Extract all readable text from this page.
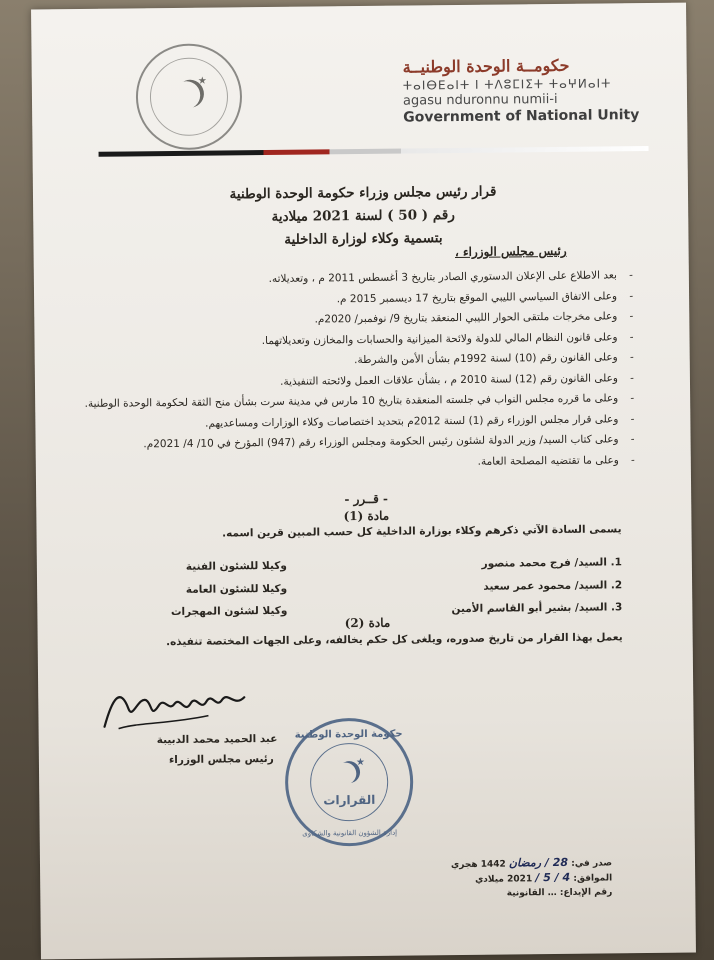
★
حكومــة الوحدة الوطنيــة
ⵜⴰⵏⴱⴹⴰⵏⵜ ⵏ ⵜⴷⵓⵎⵏⵉⵜ ⵜⴰⵖⵍⴰⵏⵜ
agasu nduronnu numii-i
Government of National Unity
قرار رئيس مجلس وزراء حكومة الوحدة الوطنية
رقم ( 50 ) لسنة 2021 ميلادية
بتسمية وكلاء لوزارة الداخلية
رئيس مجلس الوزراء ،
-
بعد الاطلاع على الإعلان الدستوري الصادر بتاريخ 3 أغسطس 2011 م ، وتعديلاته.
-
وعلى الاتفاق السياسي الليبي الموقع بتاريخ 17 ديسمبر 2015 م.
-
وعلى مخرجات ملتقى الحوار الليبي المنعقد بتاريخ 9/ نوفمبر/ 2020م.
-
وعلى قانون النظام المالي للدولة ولائحة الميزانية والحسابات والمخازن وتعديلاتهما.
-
وعلى القانون رقم (10) لسنة 1992م بشأن الأمن والشرطة.
-
وعلى القانون رقم (12) لسنة 2010 م ، بشأن علاقات العمل ولائحته التنفيذية.
-
وعلى ما قرره مجلس النواب في جلسته المنعقدة بتاريخ 10 مارس في مدينة سرت بشأن منح الثقة لحكومة الوحدة الوطنية.
-
وعلى قرار مجلس الوزراء رقم (1) لسنة 2012م بتحديد اختصاصات وكلاء الوزارات ومساعديهم.
-
وعلى كتاب السيد/ وزير الدولة لشئون رئيس الحكومة ومجلس الوزراء رقم (947) المؤرخ في 10/ 4/ 2021م.
-
وعلى ما تقتضيه المصلحة العامة.
- قــرر -
مادة (1)
يسمى السادة الآتي ذكرهم وكلاء بوزارة الداخلية كل حسب المبين قرين اسمه.
1. السيد/ فرج محمد منصور
وكيلا للشئون الفنية
2. السيد/ محمود عمر سعيد
وكيلا للشئون العامة
3. السيد/ بشير أبو القاسم الأمين
وكيلا لشئون المهجرات
مادة (2)
يعمل بهذا القرار من تاريخ صدوره، ويلغى كل حكم يخالفه، وعلى الجهات المختصة تنفيذه.
عبد الحميد محمد الدبيبة
رئيس مجلس الوزراء
حكومة الوحدة الوطنية
★
القرارات
إدارة الشؤون القانونية والشكاوى
صدر في: 28 / رمضان 1442 هجري
الموافق: 4 / 5 / 2021 ميلادي
رقم الإيداع: … القانونية
